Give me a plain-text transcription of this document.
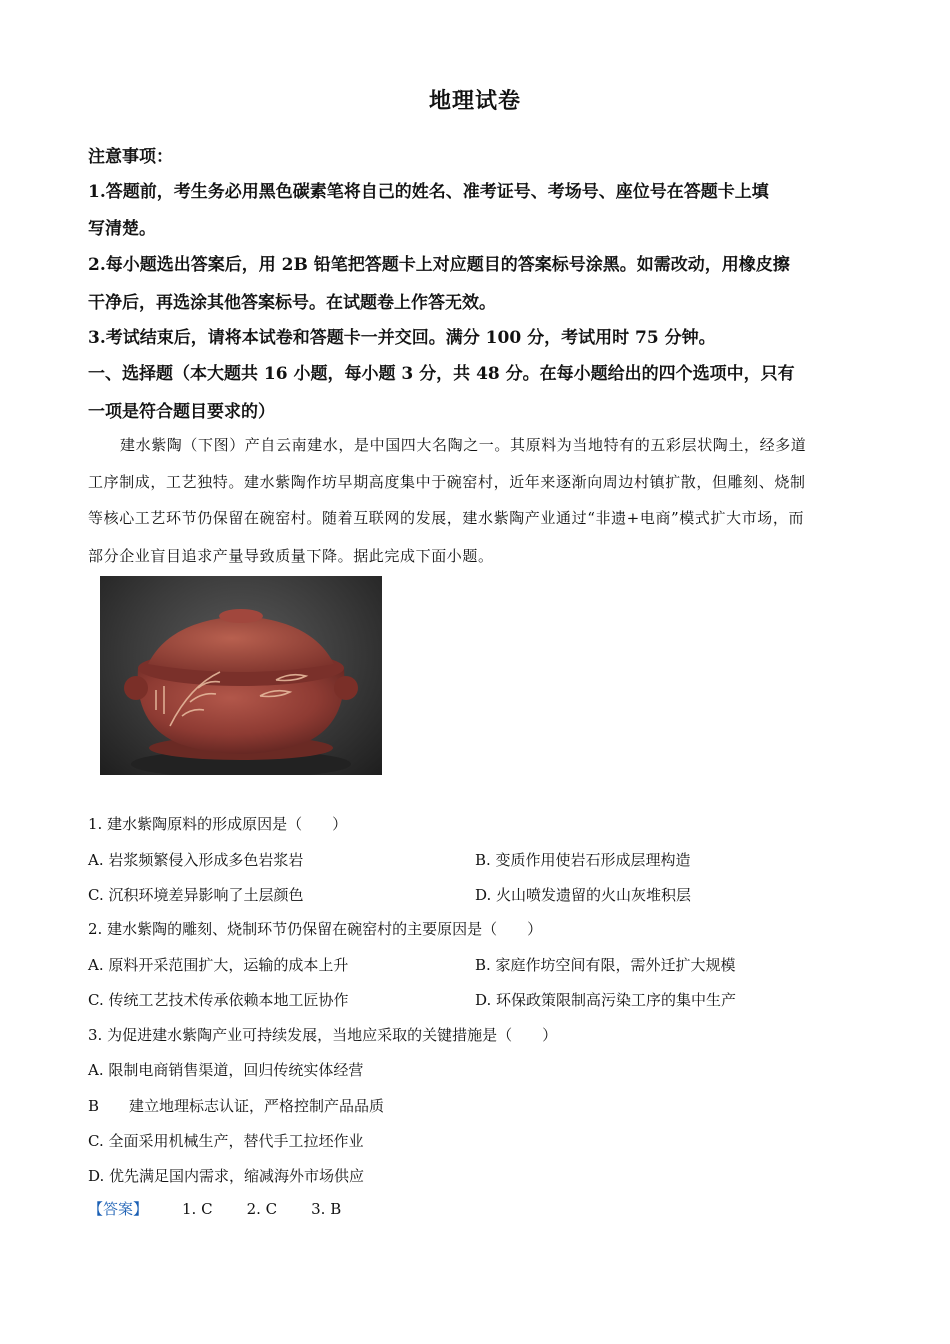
地理试卷
注意事项：
1.答题前，考生务必用黑色碳素笔将自己的姓名、准考证号、考场号、座位号在答题卡上填
写清楚。
2.每小题选出答案后，用 2B 铅笔把答题卡上对应题目的答案标号涂黑。如需改动，用橡皮擦
干净后，再选涂其他答案标号。在试题卷上作答无效。
3.考试结束后，请将本试卷和答题卡一并交回。满分 100 分，考试用时 75 分钟。
一、选择题（本大题共 16 小题，每小题 3 分，共 48 分。在每小题给出的四个选项中，只有
一项是符合题目要求的）
建水紫陶（下图）产自云南建水，是中国四大名陶之一。其原料为当地特有的五彩层状陶土，经多道
工序制成，工艺独特。建水紫陶作坊早期高度集中于碗窑村，近年来逐渐向周边村镇扩散，但雕刻、烧制
等核心工艺环节仍保留在碗窑村。随着互联网的发展，建水紫陶产业通过“非遗+电商”模式扩大市场，而
部分企业盲目追求产量导致质量下降。据此完成下面小题。
1. 建水紫陶原料的形成原因是（　　）
A. 岩浆频繁侵入形成多色岩浆岩	B. 变质作用使岩石形成层理构造
C. 沉积环境差异影响了土层颜色	D. 火山喷发遗留的火山灰堆积层
2. 建水紫陶的雕刻、烧制环节仍保留在碗窑村的主要原因是（　　）
A. 原料开采范围扩大，运输的成本上升	B. 家庭作坊空间有限，需外迁扩大规模
C. 传统工艺技术传承依赖本地工匠协作	D. 环保政策限制高污染工序的集中生产
3. 为促进建水紫陶产业可持续发展，当地应采取的关键措施是（　　）
A. 限制电商销售渠道，回归传统实体经营
B　　建立地理标志认证，严格控制产品品质
C. 全面采用机械生产，替代手工拉坯作业
D. 优先满足国内需求，缩减海外市场供应
【答案】 1. C 2. C 3. B
